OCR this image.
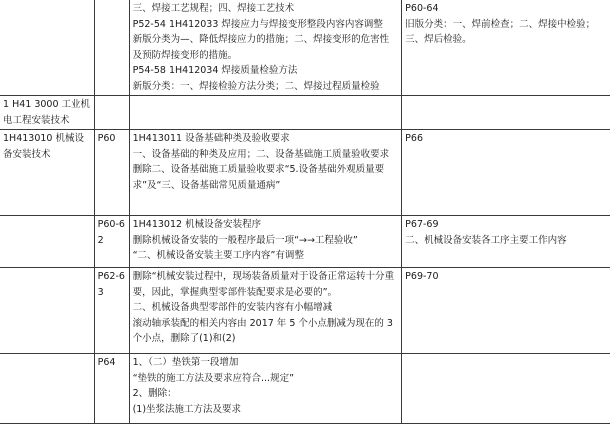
		三、焊接工艺规程；四、焊接工艺技术
P52-54 1H412033 焊接应力与焊接变形整段内容内容调整
新版分类为—、降低焊接应力的措施；二、焊接变形的危害性及预防焊接变形的措施。
P54-58 1H412034 焊接质量检验方法
新版分类：一、焊接检验方法分类；二、焊接过程质量检验	P60-64
旧版分类：一、焊前检查；二、焊接中检验；三、焊后检验。

1 H41 3000 工业机电工程安装技术			

1H413010 机械设备安装技术	P60	1H413011 设备基础种类及验收要求
一、设备基础的种类及应用；二、设备基础施工质量验收要求
删除二、设备基础施工质量验收要求“5.设备基础外观质量要求”及“三、设备基础常见质量通病”	P66

	P60-62	1H413012 机械设备安装程序
删除机械设备安装的一般程序最后一项“→→工程验收”
“二、机械设备安装主要工序内容”有调整	P67-69
二、机械设备安装各工序主要工作内容

	P62-63	删除“机械安装过程中，现场装备质量对于设备正常运转十分重要，因此，掌握典型零部件装配要求是必要的”。
二、机械设备典型零部件的安装内容有小幅增减
滚动轴承装配的相关内容由 2017 年 5 个小点删减为现在的 3 个小点，删除了(1)和(2)	P69-70

	P64	1、（二）垫铁第一段增加
“垫铁的施工方法及要求应符合...规定”
2、删除：
(1)坐浆法施工方法及要求	
